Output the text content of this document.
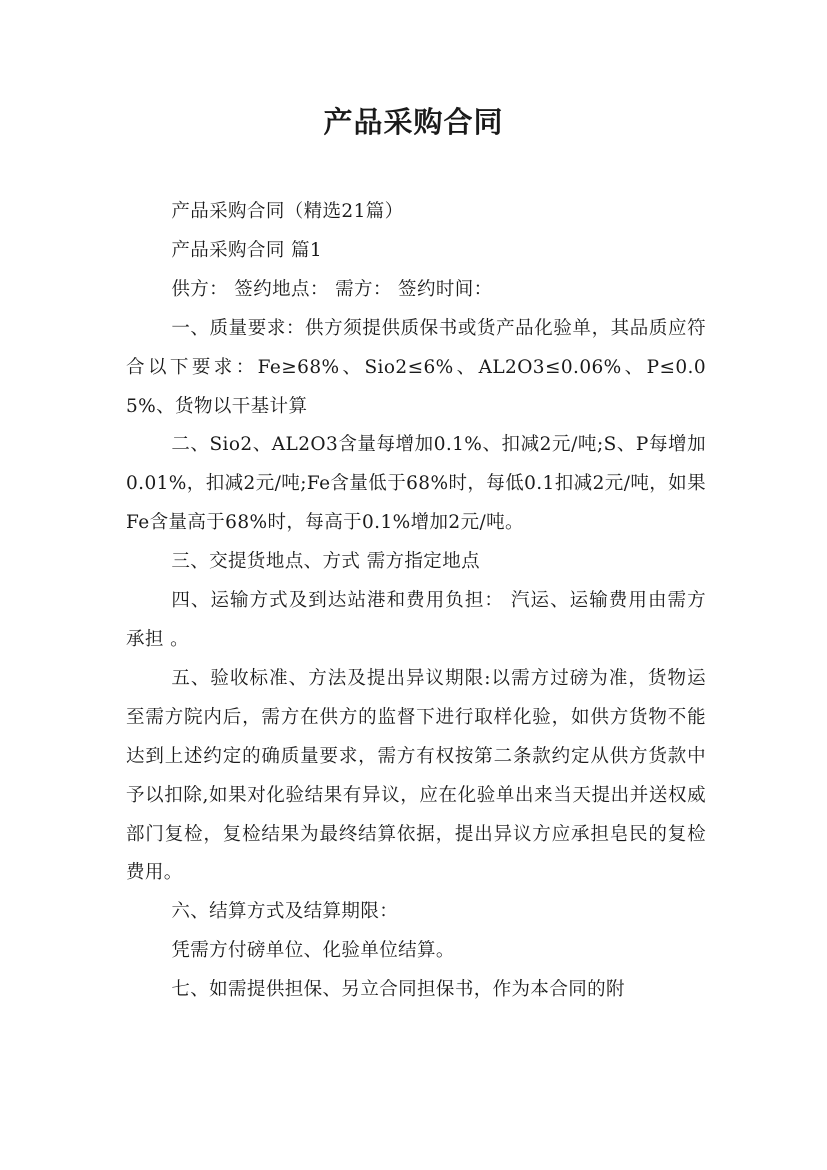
产品采购合同

产品采购合同（精选21篇）

产品采购合同 篇1

供方： 签约地点： 需方： 签约时间：

一、质量要求：供方须提供质保书或货产品化验单，其品质应符合以下要求：Fe≥68%、Sio2≤6%、AL2O3≤0.06%、P≤0.05%、货物以干基计算

二、Sio2、AL2O3含量每增加0.1%、扣减2元/吨;S、P每增加0.01%，扣减2元/吨;Fe含量低于68%时，每低0.1扣减2元/吨，如果Fe含量高于68%时，每高于0.1%增加2元/吨。

三、交提货地点、方式 需方指定地点

四、运输方式及到达站港和费用负担： 汽运、运输费用由需方承担 。

五、验收标准、方法及提出异议期限:以需方过磅为准，货物运至需方院内后，需方在供方的监督下进行取样化验，如供方货物不能达到上述约定的确质量要求，需方有权按第二条款约定从供方货款中予以扣除,如果对化验结果有异议，应在化验单出来当天提出并送权威部门复检，复检结果为最终结算依据，提出异议方应承担皂民的复检费用。

六、结算方式及结算期限：

凭需方付磅单位、化验单位结算。

七、如需提供担保、另立合同担保书，作为本合同的附
